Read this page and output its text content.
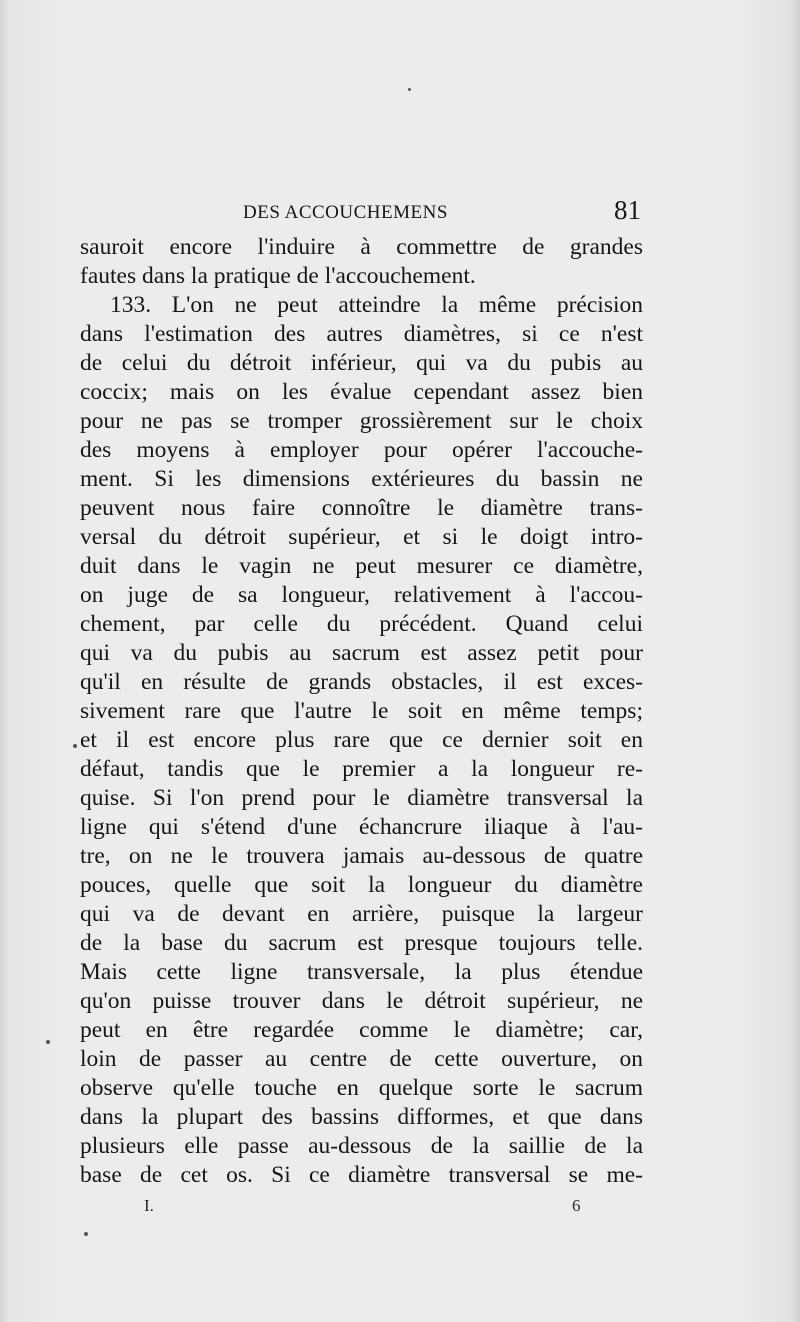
DES ACCOUCHEMENS	81
sauroit encore l'induire à commettre de grandes
fautes dans la pratique de l'accouchement.
133. L'on ne peut atteindre la même précision
dans l'estimation des autres diamètres, si ce n'est
de celui du détroit inférieur, qui va du pubis au
coccix; mais on les évalue cependant assez bien
pour ne pas se tromper grossièrement sur le choix
des moyens à employer pour opérer l'accouche-
ment. Si les dimensions extérieures du bassin ne
peuvent nous faire connoître le diamètre trans-
versal du détroit supérieur, et si le doigt intro-
duit dans le vagin ne peut mesurer ce diamètre,
on juge de sa longueur, relativement à l'accou-
chement, par celle du précédent. Quand celui
qui va du pubis au sacrum est assez petit pour
qu'il en résulte de grands obstacles, il est exces-
sivement rare que l'autre le soit en même temps;
et il est encore plus rare que ce dernier soit en
défaut, tandis que le premier a la longueur re-
quise. Si l'on prend pour le diamètre transversal la
ligne qui s'étend d'une échancrure iliaque à l'au-
tre, on ne le trouvera jamais au-dessous de quatre
pouces, quelle que soit la longueur du diamètre
qui va de devant en arrière, puisque la largeur
de la base du sacrum est presque toujours telle.
Mais cette ligne transversale, la plus étendue
qu'on puisse trouver dans le détroit supérieur, ne
peut en être regardée comme le diamètre; car,
loin de passer au centre de cette ouverture, on
observe qu'elle touche en quelque sorte le sacrum
dans la plupart des bassins difformes, et que dans
plusieurs elle passe au-dessous de la saillie de la
base de cet os. Si ce diamètre transversal se me-
I.	6
